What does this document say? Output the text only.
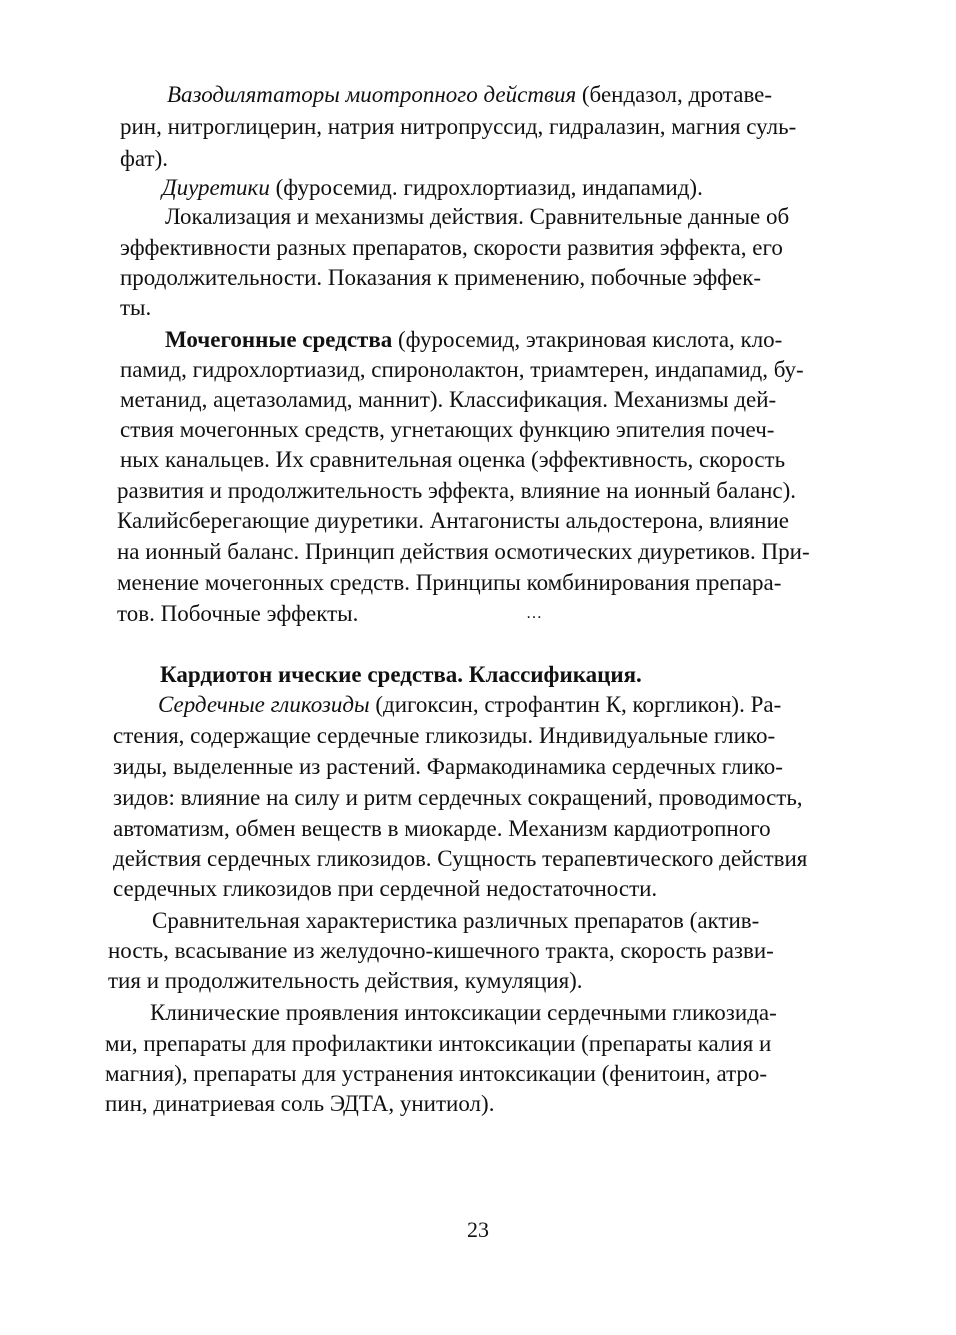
Вазодилятаторы миотропного действия (бендазол, дротаве-
рин, нитроглицерин, натрия нитропруссид, гидралазин, магния суль-
фат).
Диуретики (фуросемид. гидрохлортиазид, индапамид).
Локализация и механизмы действия. Сравнительные данные об
эффективности разных препаратов, скорости развития эффекта, его
продолжительности. Показания к применению, побочные эффек-
ты.
Мочегонные средства (фуросемид, этакриновая кислота, кло-
памид, гидрохлортиазид, спиронолактон, триамтерен, индапамид, бу-
метанид, ацетазоламид, маннит). Классификация. Механизмы дей-
ствия мочегонных средств, угнетающих функцию эпителия почеч-
ных канальцев. Их сравнительная оценка (эффективность, скорость
развития и продолжительность эффекта, влияние на ионный баланс).
Калийсберегающие диуретики. Антагонисты альдостерона, влияние
на ионный баланс. Принцип действия осмотических диуретиков. При-
менение мочегонных средств. Принципы комбинирования препара-
тов. Побочные эффекты.	…
Кардиотон ические средства. Классификация.
Сердечные гликозиды (дигоксин, строфантин К, коргликон). Ра-
стения, содержащие сердечные гликозиды. Индивидуальные глико-
зиды, выделенные из растений. Фармакодинамика сердечных глико-
зидов: влияние на силу и ритм сердечных сокращений, проводимость,
автоматизм, обмен веществ в миокарде. Механизм кардиотропного
действия сердечных гликозидов. Сущность терапевтического действия
сердечных гликозидов при сердечной недостаточности.
Сравнительная характеристика различных препаратов (актив-
ность, всасывание из желудочно-кишечного тракта, скорость разви-
тия и продолжительность действия, кумуляция).
Клинические проявления интоксикации сердечными гликозида-
ми, препараты для профилактики интоксикации (препараты калия и
магния), препараты для устранения интоксикации (фенитоин, атро-
пин, динатриевая соль ЭДТА, унитиол).
23
